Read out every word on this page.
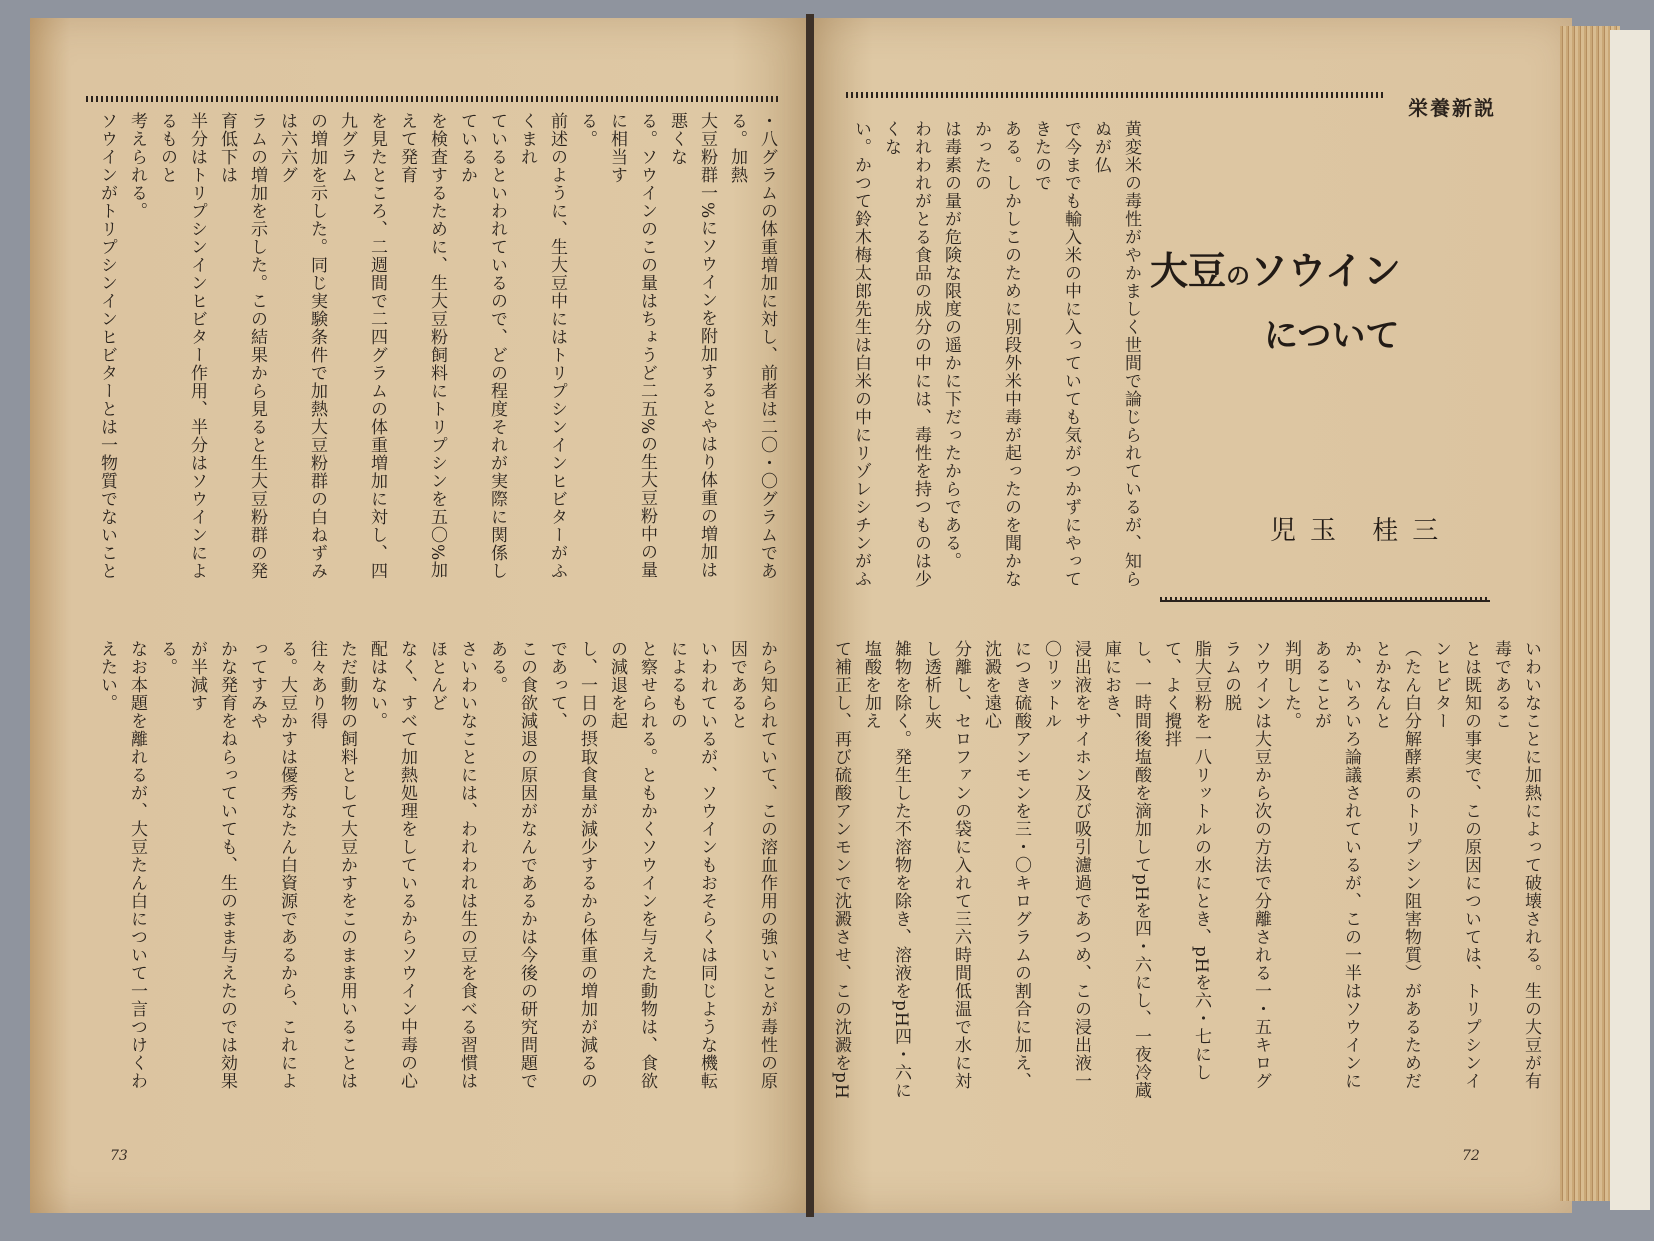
栄養新説
大豆のソウイン
について
児玉 桂三
黄変米の毒性がやかましく世間で論じられているが、知らぬが仏
で今までも輸入米の中に入っていても気がつかずにやってきたので
ある。しかしこのために別段外米中毒が起ったのを聞かなかったの
は毒素の量が危険な限度の遥かに下だったからである。
われわれがとる食品の成分の中には、毒性を持つものは少くな
い。かつて鈴木梅太郎先生は白米の中にリゾレシチンがふ
いわいなことに加熱によって破壊される。生の大豆が有毒であるこ
とは既知の事実で、この原因については、トリプシンインヒビター
（たん白分解酵素のトリプシン阻害物質）があるためだとかなんと
か、いろいろ論議されているが、この一半はソウインにあることが
判明した。
ソウインは大豆から次の方法で分離される一・五キログラムの脱
脂大豆粉を一八リットルの水にとき、pHを六・七にして、よく攪拌
し、一時間後塩酸を滴加してpHを四・六にし、一夜冷蔵庫におき、
浸出液をサイホン及び吸引濾過であつめ、この浸出液一〇リットル
につき硫酸アンモンを三・〇キログラムの割合に加え、沈澱を遠心
分離し、セロファンの袋に入れて三六時間低温で水に対し透析し夾
雑物を除く。発生した不溶物を除き、溶液をpH四・六に塩酸を加え
て補正し、再び硫酸アンモンで沈澱させ、この沈澱をpH
・八グラムの体重増加に対し、前者は二〇・〇グラムである。加熱
大豆粉群一%にソウインを附加するとやはり体重の増加は悪くな
る。ソウインのこの量はちょうど二五%の生大豆粉中の量に相当す
る。
前述のように、生大豆中にはトリプシンインヒビターがふくまれ
ているといわれているので、どの程度それが実際に関係しているか
を検査するために、生大豆粉飼料にトリプシンを五〇%加えて発育
を見たところ、二週間で二四グラムの体重増加に対し、四九グラム
の増加を示した。同じ実験条件で加熱大豆粉群の白ねずみは六六グ
ラムの増加を示した。この結果から見ると生大豆粉群の発育低下は
半分はトリプシンインヒビター作用、半分はソウインによるものと
考えられる。
ソウインがトリプシンインヒビターとは一物質でないこと
から知られていて、この溶血作用の強いことが毒性の原因であると
いわれているが、ソウインもおそらくは同じような機転によるもの
と察せられる。ともかくソウインを与えた動物は、食欲の減退を起
し、一日の摂取食量が減少するから体重の増加が減るのであって、
この食欲減退の原因がなんであるかは今後の研究問題である。
さいわいなことには、われわれは生の豆を食べる習慣はほとんど
なく、すべて加熱処理をしているからソウイン中毒の心配はない。
ただ動物の飼料として大豆かすをこのまま用いることは往々あり得
る。大豆かすは優秀なたん白資源であるから、これによってすみや
かな発育をねらっていても、生のまま与えたのでは効果が半減す
る。
なお本題を離れるが、大豆たん白について一言つけくわえたい。
73	72
